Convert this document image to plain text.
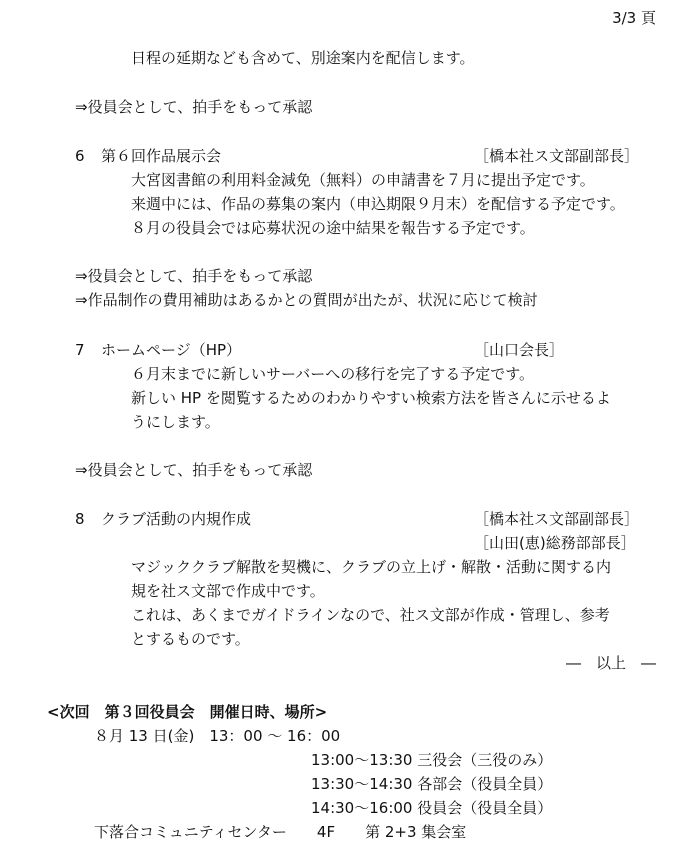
3/3 頁
日程の延期なども含めて、別途案内を配信します。
⇒役員会として、拍手をもって承認
6 第６回作品展示会	［橋本社ス文部副部長］
大宮図書館の利用料金減免（無料）の申請書を７月に提出予定です。
来週中には、作品の募集の案内（申込期限９月末）を配信する予定です。
８月の役員会では応募状況の途中結果を報告する予定です。
⇒役員会として、拍手をもって承認
⇒作品制作の費用補助はあるかとの質問が出たが、状況に応じて検討
7 ホームページ（HP）	［山口会長］
６月末までに新しいサーバーへの移行を完了する予定です。
新しい HP を閲覧するためのわかりやすい検索方法を皆さんに示せるよ
うにします。
⇒役員会として、拍手をもって承認
8 クラブ活動の内規作成	［橋本社ス文部副部長］
［山田(恵)総務部部長］
マジッククラブ解散を契機に、クラブの立上げ・解散・活動に関する内
規を社ス文部で作成中です。
これは、あくまでガイドラインなので、社ス文部が作成・管理し、参考
とするものです。
―　以上　―
<次回　第３回役員会　開催日時、場所>
８月 13 日(金)　13：00 ～ 16：00
13:00～13:30 三役会（三役のみ）
13:30～14:30 各部会（役員全員）
14:30～16:00 役員会（役員全員）
下落合コミュニティセンター　　4F　　第 2+3 集会室
